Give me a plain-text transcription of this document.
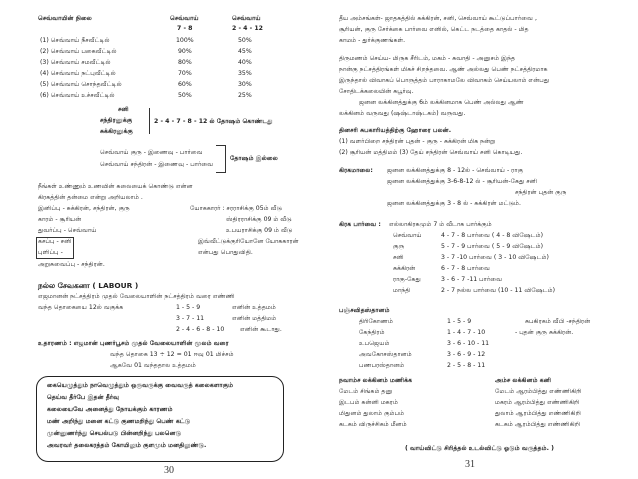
செவ்வாயின் நிலை	செவ்வாய்	செவ்வாய்
7 - 8	2 - 4 - 12
(1) செவ்வாய் நீசவீட்டில்	100%	50%
(2) செவ்வாய் பகைவீட்டில்	90%	45%
(3) செவ்வாய் சமவீட்டில்	80%	40%
(4) செவ்வாய் நட்புவீட்டில்	70%	35%
(5) செவ்வாய் சொந்தவீட்டில்	60%	30%
(6) செவ்வாய் உச்சவீட்டில்	50%	25%
சனி
சந்திரனுக்கு
சுக்கிரனுக்கு
2 - 4 - 7 - 8 - 12 ல் தோஷம் கொண்டது
செவ்வாய் குரு - இணைவு - பார்வை
செவ்வாய் சந்திரன் - இணைவு - பார்வை
தோஷம் இல்லை
நீங்கள் உண்ணும் உணவின் கலையைக் கொண்டு என்ன
கிரகத்தின் தன்மை என்று அறியலாம் .
இனிப்பு - சுக்கிரன், சந்திரன், குரு	யோககாரர் : சரராசிக்கு 05ம் வீடு
காரம் - சூரியன்	ஸ்திரராசிக்கு 09 ம் வீடு
துவர்ப்பு - செவ்வாய்	உபயராசிக்கு 09 ம் வீடு
கசப்பு - சனி	இவ்வீட்டுக்குரியோனே யோககாரன்
புளிப்பு -	என்பது பொதுவிதி.
அறுசுவைப்பு - சந்திரன்.
நல்ல சேவகனா ( LABOUR )
எஜமானன் நட்சத்திரம் முதல் வேலையாளின் நட்சத்திரம் வரை எண்ணி
வந்த தொகையை 12ல் வகுக்க	1 - 5 - 9	எனின் உத்தமம்
3 - 7 - 11	எனின் மத்திமம்
2 - 4 - 6 - 8 - 10	எனின் கூடாது.
உதாரணம் : எஜமான் புணர்பூசம் முதல் வேலையாளின் மூலம் வரை
வந்த தொகை 13 ÷ 12 = 01 ஈவு 01 மிச்சம்
ஆகவே 01 வந்ததால உத்தமம்
கையெழுத்தும் நாவெழுத்தும் ஒருவருக்கு வைவருத் கலைகளாகும்
தெய்வ தீர்பே இதன் தீர்வு
கலையைவே அனைத்து நோயக்கும் காரணம்
மண் அறிந்து மனை கட்டு குணமறிந்து பெண் கட்டு
முன்னுணர்ந்து செயல்படு பின்னறிந்து பலனெடு
அவரவர் தலைகரத்தம் கோயிலும் குளமும் மனதிலுண்டு.
30
தீய அம்சங்கள்- ஜாதகத்தில் சுக்கிரன், சனி, செவ்வாய் கூட்டுப்பார்வை ,
சூரியன், குரு சேர்க்கை பார்வை எனில், கெட்ட நடத்தை காதல் - மித
காமம் - துர்க்குணங்கள்.
திருமணம் செய்ய- மிருக சீரிடம், மகம் - சுவாதி - அனுசம் இந்த
நான்கு நட்சத்திரங்கள் மிகச் சிறந்தவை. ஆண் அல்லது பெண் நட்சத்திரமாக
இருந்தால் விவாகப் பொருத்தம் பாராகாமலே விவாகம் செய்யலாம் என்பது
சோதிடக்கலையின் சுபூர்வு.
ஜனன லக்கினத்துக்கு 6ம் லக்கினமாக பெண் அல்லது ஆண்
லக்கினம் வருவது (ஷஷ்டாஷ்டகம்) வருவது.
தினசரி சுபகாரியத்திற்கு ஹோரை பலன்.
(1) வளர்பிறை சந்திரன் புதன் - குரு - சுக்கிரன் மிக நன்று
(2) சூரியன் மத்திமம் (3) தேய் சந்திரன் செவ்வாய் சனி கொடியது.
கிரகமாலை: ஜனன லக்கினத்துக்கு 8 - 12ல் - செவ்வாய் - ராகு
ஜனன லக்கினத்துக்கு 3-6-8-12 ல் - சூரியன்-கேது சனி
சந்திரன் புதன் குரு
ஜனன லக்கினத்துக்கு 3 - 8 ல் - சுக்கிரன் மட்டும்.
கிரக பார்வை : எல்லாகிரகமும் 7 ம் வீடாக பார்க்கும்
செவ்வாய்	4 - 7 - 8 பார்வை ( 4 - 8 விஷேடம்)
குரு	5 - 7 - 9 பார்வை ( 5 - 9 விஷேடம்)
சனி	3 - 7 -10 பார்வை ( 3 - 10 விஷேடம்)
சுக்கிரன்	6 - 7 - 8 பார்வை
ராகு-கேது	3 - 6 - 7 -11 பார்வை
மாந்தி	2 - 7 நல்ல பார்வை (10 - 11 விஷேடம்)
பஞ்சவிதஸ்தானம்
திரிகோணம்	1 - 5 - 9	சுபகிரகம் வீபி -சந்திரன்
கேந்திரம்	1 - 4 - 7 - 10	- புதன் குரு சுக்கிரன்.
உபஜெயம்	3 - 6 - 10 - 11
அவகோசஸ்தானம்	3 - 6 - 9 - 12
பணபரஸ்தானம்	2 - 5 - 8 - 11
நவாம்ச லக்கினம் மணிக்க	அம்ச லக்கினம் கனி
மேடம் சிங்கம் தனு	மேடம் ஆரம்பித்து எண்ணிகிறி
இடபம் கன்னி மகரம்	மகரம் ஆரம்பித்து எண்ணிகிறி
மிதுனம் துலாம் கும்பம்	துலாம் ஆரம்பித்து எண்ணிகிறி
கடகம் விருச்சிகம் மீனம்	கடகம் ஆரம்பித்து எண்ணிகிறி
( வாய்விட்டு சிரித்தல் உடல்விட்டு ஓடும் வருத்தம். )
31
